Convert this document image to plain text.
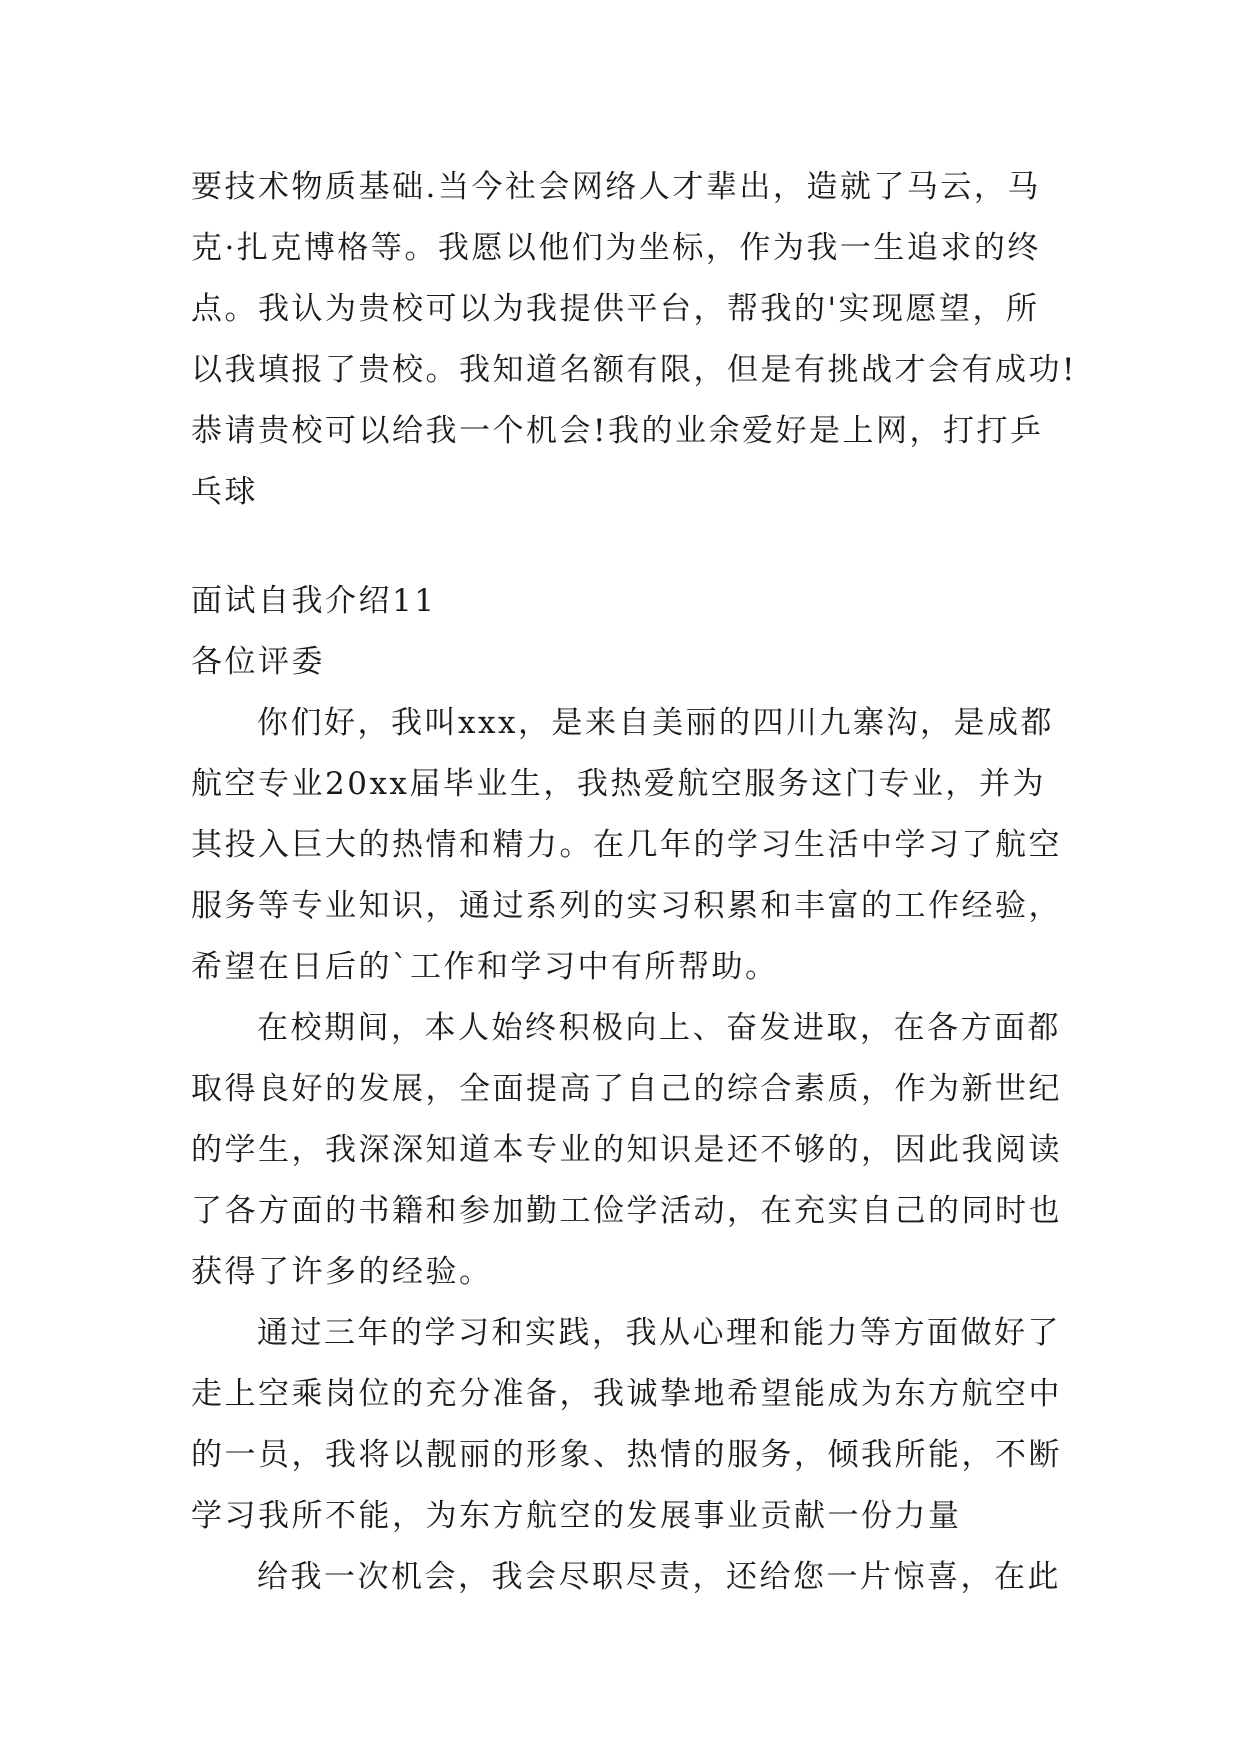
要技术物质基础.当今社会网络人才辈出，造就了马云，马
克·扎克博格等。我愿以他们为坐标，作为我一生追求的终
点。我认为贵校可以为我提供平台，帮我的'实现愿望，所
以我填报了贵校。我知道名额有限，但是有挑战才会有成功!
恭请贵校可以给我一个机会!我的业余爱好是上网，打打乒
乓球
面试自我介绍11
各位评委
你们好，我叫xxx，是来自美丽的四川九寨沟，是成都
航空专业20xx届毕业生，我热爱航空服务这门专业，并为
其投入巨大的热情和精力。在几年的学习生活中学习了航空
服务等专业知识，通过系列的实习积累和丰富的工作经验，
希望在日后的`工作和学习中有所帮助。
在校期间，本人始终积极向上、奋发进取，在各方面都
取得良好的发展，全面提高了自己的综合素质，作为新世纪
的学生，我深深知道本专业的知识是还不够的，因此我阅读
了各方面的书籍和参加勤工俭学活动，在充实自己的同时也
获得了许多的经验。
通过三年的学习和实践，我从心理和能力等方面做好了
走上空乘岗位的充分准备，我诚挚地希望能成为东方航空中
的一员，我将以靓丽的形象、热情的服务，倾我所能，不断
学习我所不能，为东方航空的发展事业贡献一份力量
给我一次机会，我会尽职尽责，还给您一片惊喜，在此
